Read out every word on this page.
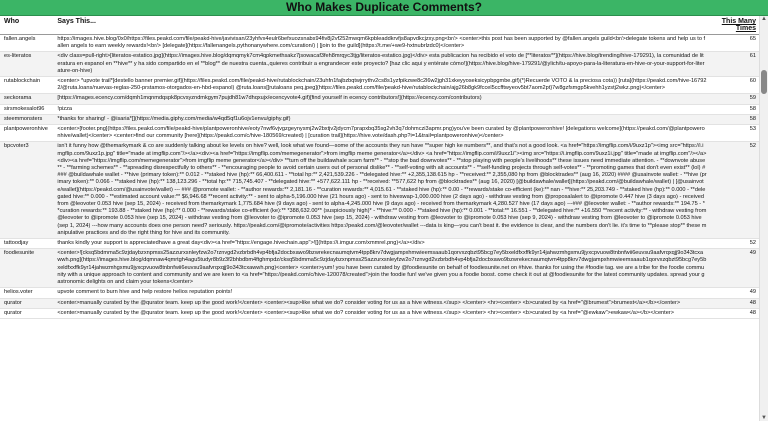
Who Makes Duplicate Comments?
Who	Says This...	This Many Times
fallen.angels	https://images.hive.blog/0x0/https://files.peakd.com/file/peakd-hive/javivisan/23yhfvx4eulr6befxuozsnabs94fiv8j2vf252mwqm6kpbleaddkrvfjs8apvdkcjzxy.png<br/> <center>this post has been supported by @fallen.angels guild<br/>delegate tokens and help us to fallen angels to earn weekly rewards!<br/> [delegate](https://fallenangels.pythonanywhere.com/curation/) | [join to the guild](https://t.me/+we9-hxtnubrlzdc0)</center>	65
es-literatos	<div class=pull-right>[literatos-estatico.jpg](https://images.hive.blog/dqmqmyk7cm4qpkmethsakz7jsowacaf3feh8mrqyc3tjg/literatos-estatico.jpg)</div> esta publicacion ha recibido el voto de [**literatos**](https://hive.blog/trending/hive-179291), la comunidad de literatura en espanol en **hive** y ha sido compartido en el **blog** de nuestra cuenta.,quieres contribuir a engrandecer este proyecto? [haz clic aqui y entérate cómo!](https://hive.blog/hive-179291/@ylich/tu-apoyo-para-la-literatura-en-hive-or-your-support-for-literature-on-hive)	61
rutablockchain	<center> *upvote trail*[destello banner premier.gif](https://files.peakd.com/file/peakd-hive/rutablockchain/23uhfn1fajbzbqtwjrrythv2cs8s1yzfpikzwe8c2l6w2jgh31xkeyyoseksicypbpgmbe.gif)(*)Recuerde VOTO & la preciosa cota)) [ruta](https://peakd.com/hive-167922/@ruta.loans/nuevas-reglas-250-prstamos-otorgados-en-hbd-espanol) @ruta.loans[[rutaloans peq.jpeg](https://files.peakd.com/file/peakd-hive/rutablockchain/ajg26b8gk9fccel5ccfftwyeov5bt7aom2pt}7w8gzfsmgp5kvehh1yzstj2wkz.png)</center>	60
seckorama	[https://images.ecency.com/dqmh1mqnmdqspk8pcvsyzndmkgym7pujdh81w7dhqxujx/ecencyvote4.gif)[find yourself in ecency contributors!](https://ecency.com/contributors)	59
sirsmokesalot96	!pizza	58
steemmonsters	*thanks for sharing! - @isaria*[](https://media.giphy.com/media/w4qd5qf1u6ojv1envu/giphy.gif)	58
plantpoweronhive	<center>[footer.png](https://files.peakd.com/file/peakd-hive/plantpoweronhive/eoty7nwf6vjvgzgeynysmj2w2bxtjv2jdycm7prapxbq35sg2vh3q7dohmczi3apmr.png)you've been curated by @plantpoweronhive! [delegations welcome](https://peakd.com/@plantpoweronhive/wallet)</center> <center>find our community [here](https://peakd.com/c/hive-180569/created) | [curation trail](https://hive.vote/dash.php?i=1&trail=plantpoweronhive)</center>	53
bpcvoter3	isn't it funny how @themarkymark & co are suddenly talking about ke levels on hive? well, look what we found—some of the accounts they run have **super high ke numbers**, and that's not a good look. <a href="https://imgflip.com/i/9uxz1p"><img src="https://i.imgflip.com/9uxz1p.jpg" title="made at imgflip.com"/></a><div><a href="https://imgflip.com/memegenerator">from imgflip meme generator</a></div> <a href="https://imgflip.com/i/9uxz1i"><img src="https://i.imgflip.com/9uxz1i.jpg" title="made at imgflip.com"/></a><div><a href="https://imgflip.com/memegenerator">from imgflip meme generator</a></div> **turn off the buildawhale scam farm** - **stop the bad downvotes** - **stop playing with people's livelihoods** these issues need immediate attention. - **downvote abuse** - **farming schemes** - **spreading disrespectfully to others** - **encouraging people to avoid certain users out of personal dislike** - **self-voting with alt accounts** - **self-funding projects through self-votes** - **promoting games that don't even exist** (lol) #### @buildawhale wallet - **hive (primary token):** 0.012 - **staked hive (hp):** 66,400.611 - **total hp:** 2,421,539.226 - **delegated hive:** +2,355,138.615 hp - **received:** 2,355,080 hp from @blocktrades** (aug 16, 2020) #### @usainvote wallet: - **hive (primary token):** 0.066 - **staked hive (hp):** 138,123.296 - **total hp:** 715,745.407 - **delegated hive:** +577,622.111 hp - **received: **577,622 hp from @blocktrades** (aug 16, 2020) [@buildawhale/wallet](https://peakd.com/@buildawhale/wallet) | [@usainvote/wallet](https://peakd.com/@usainvote/wallet) --- ### @promote wallet: - **author rewards:** 2,181.16 - **curation rewards:** 4,015.61 - **staked hive (hp):** 0.00 - **rewards/stake co-efficient (ke):** nan - **hive:** 25,203.749 - **staked hive (hp):** 0.000 - **delegated hive:** 0.000 - **estimated account value:** $6,946.68 **recent activity:** - sent to alpha-5,196.000 hive (21 hours ago) - sent to hiveswap-1,000.000 hive (2 days ago) - withdraw vesting from @proposalalert to @ipromote 0.447 hive (3 days ago) - received from @leovoter 0.053 hive (sep 15, 2024) - received from themarkymark 1,775.684 hive (9 days ago) - sent to alpha-4,245.000 hive (9 days ago) - received from themarkymark 4,280.527 hive (17 days ago) ---### @leovoter wallet: - **author rewards:** 194.75 - **curation rewards:** 193.88 - **staked hive (hp):** 0.000 - **rewards/stake co-efficient (ke):** *388,632.00** (suspiciously high)* - **hive:** 0.000 - **staked hive (hp):** 0.001 - **total:** 16.551 - **delegated hive:** +16.550 **recent activity:** - withdraw vesting from @leovoter to @ipromote 0.053 hive (sep 15, 2024) - withdraw vesting from @leovoter to @ipromote 0.053 hive (sep 15, 2024) - withdraw vesting from @leovoter to @ipromote 0.053 hive (sep 9, 2024) - withdraw vesting from @leovoter to @ipromote 0.053 hive (sep 1, 2024) ---how many accounts does one person need? seriously. https://peakd.com/@ipromote/activities https://peakd.com/@leovoter/wallet ---data is king—you can't beat it. the evidence is clear, and the numbers don't lie. it's time to **please stop** these manipulative practices and do the right thing for hive and its community.	52
tattoodjay	thanks kindly your support is appreciatedhave a great day<div><a href="https://engage.hivechain.app">![](https://i.imgur.com/xmmrel.png)</a></div>	52
foodiesunite	<center>![cksq5bdmma5c9zjdaybzxnpmss25azzurxsnleyfzw2o7rznvgd2vzbrbdh4vp4bfja2docbxawo9bzwrekecnaumqtvm4tpp8krv7dwgjampxhmwieemsaaub1qorvxzqbzt95bcg7ey5bxeldfxxffk9yr14jahwzmhgxmu9jyxcpvuow8tnbnfwii6euvsu9aafvrqxqjj9o343tcxawwh.png](https://images.hive.blog/dqmnaw4qmrtgh4agu5tudyr8b9z3f2bhbdbm4ftghmpdz/cksq5bdmma5c9zjdaybzxnpmss25azzurxsnleyfzw2o7rznvgd2vzbrbdh4vp4bfja2docbxawo9bzwrekecnaumqtvm4tpp8krv7dwgjampxhmwieemsaaub1qorvxzqbzt95bcg7ey5bxeldfxxffk9yr14jahwzmhgxmu9jyxcpvuow8tnbnfwii6euvsu9aafvrqxqjj9o343tcxawwh.png)<center> <center>yum! you have been curated by @foodiesunite on behalf of foodiesunite.net on #hive. thanks for using the #foodie tag. we are a tribe for the foodie community with a unique approach to content and community and we are keen to <a href="https://peakd.com/c/hive-120078/created">join the foodie fun! we've given you a foodie boost. come check it out at @foodiesunite for the latest community updates. spread your gastronomic delights on and claim your tokens</center>	49
helios.voter	upvote comment to burn hive and help restore helios reputation points!	49
qurator	<center>manually curated by the @qurator team. keep up the good work!</center> <center><sup>like what we do? consider voting for us as a hive witness.</sup> </center> <hr><center> <b>curated by <a href="@brumest">brumest</a></b></center>	48
qurator	<center>manually curated by the @qurator team. keep up the good work!</center> <center><sup>like what we do? consider voting for us as a hive witness.</sup> </center> <hr><center> <b>curated by <a href="@ewkaw">ewkaw</a></b></center>	48
▲
▼
